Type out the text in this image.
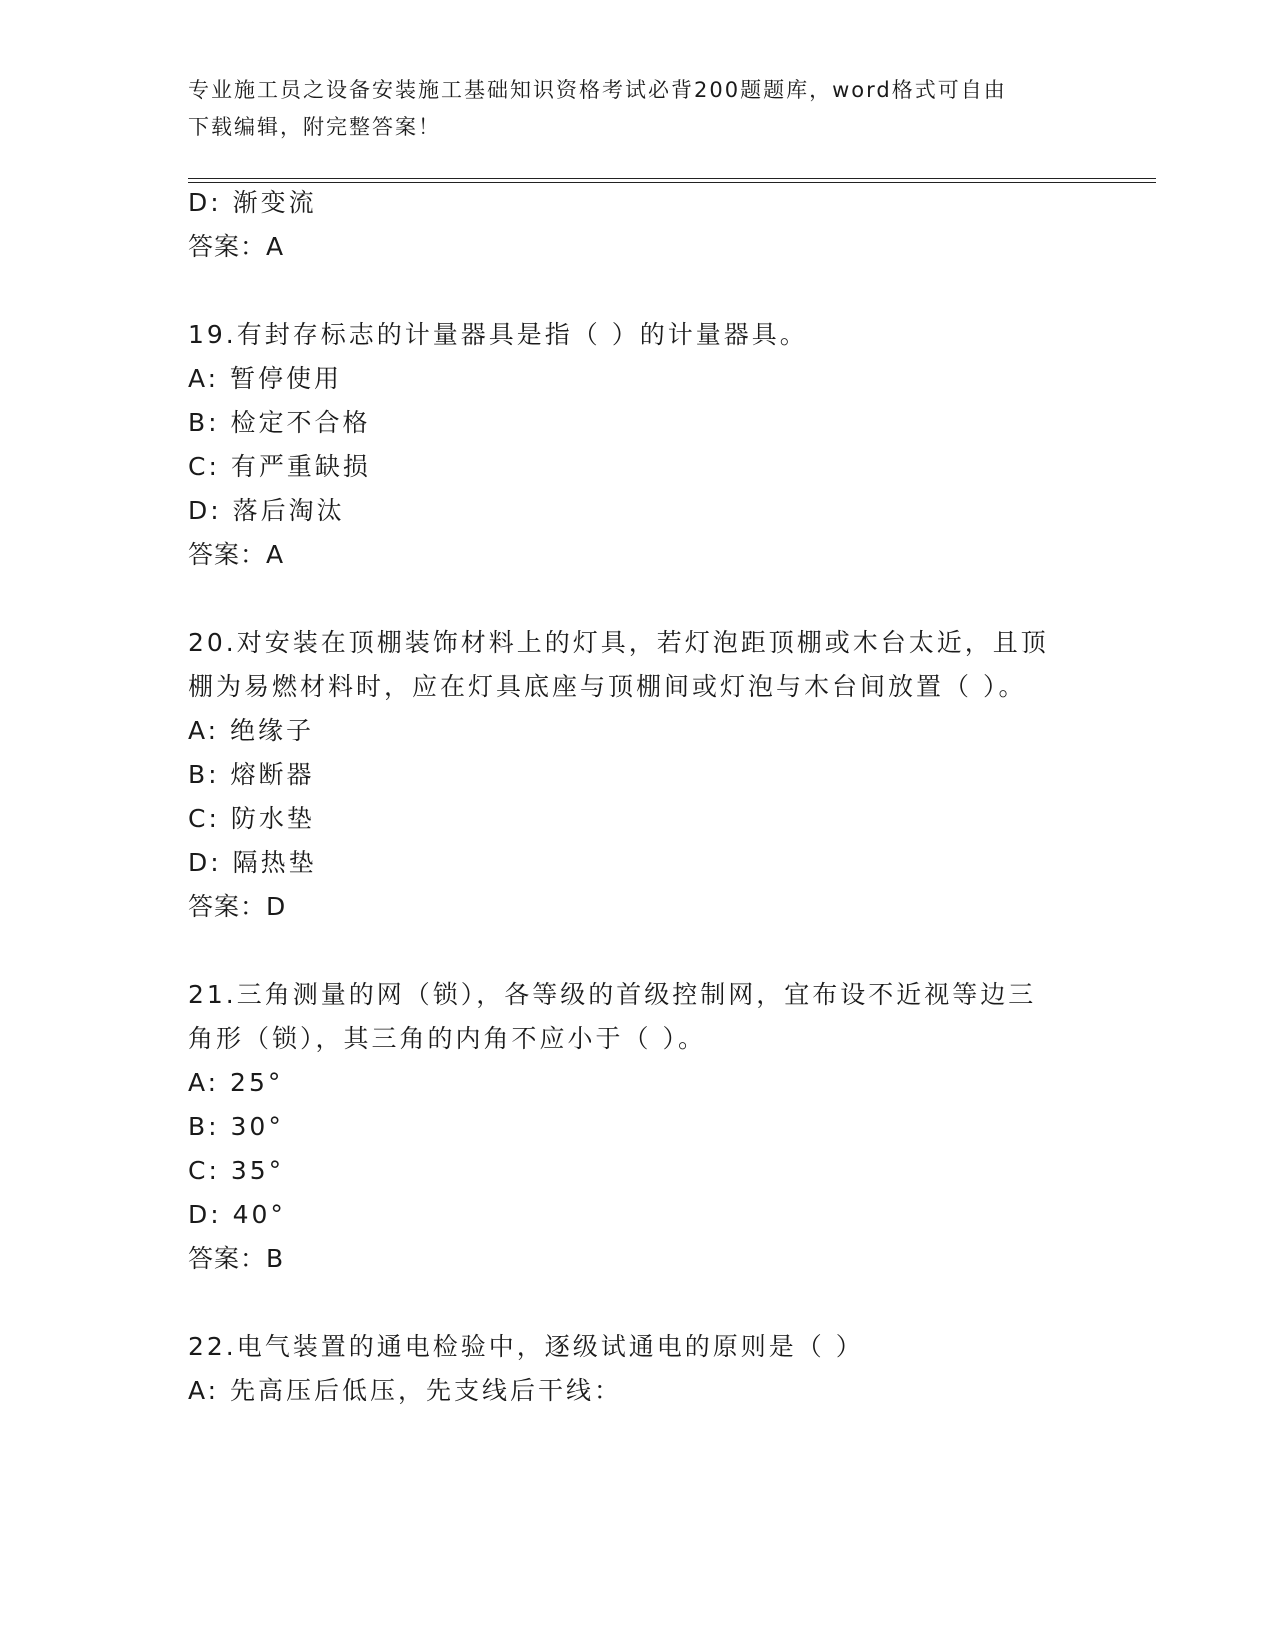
专业施工员之设备安装施工基础知识资格考试必背200题题库，word格式可自由
下载编辑，附完整答案！
D: 渐变流
答案：A
19.有封存标志的计量器具是指（ ）的计量器具。
A: 暂停使用
B: 检定不合格
C: 有严重缺损
D: 落后淘汰
答案：A
20.对安装在顶棚装饰材料上的灯具，若灯泡距顶棚或木台太近，且顶
棚为易燃材料时，应在灯具底座与顶棚间或灯泡与木台间放置（ ）。
A: 绝缘子
B: 熔断器
C: 防水垫
D: 隔热垫
答案：D
21.三角测量的网（锁），各等级的首级控制网，宜布设不近视等边三
角形（锁），其三角的内角不应小于（ ）。
A: 25°
B: 30°
C: 35°
D: 40°
答案：B
22.电气装置的通电检验中，逐级试通电的原则是（ ）
A: 先高压后低压，先支线后干线：
